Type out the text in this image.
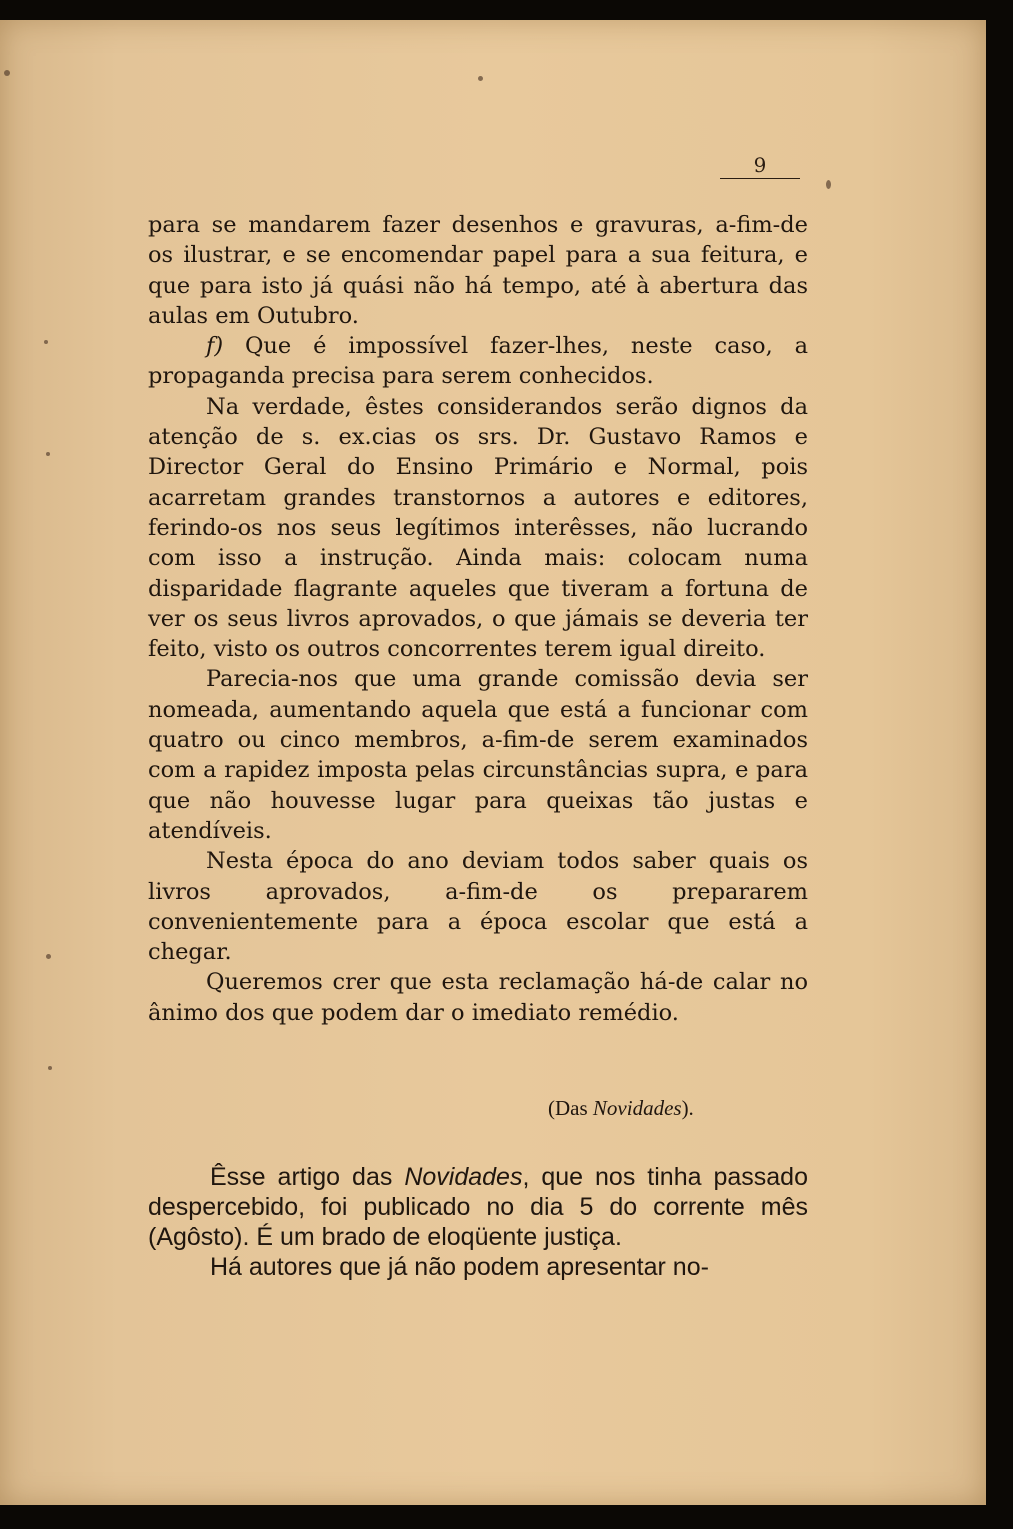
9

para se mandarem fazer desenhos e gravuras, a-fim-de os ilustrar, e se encomendar papel para a sua feitura, e que para isto já quási não há tempo, até à abertura das aulas em Outubro.

f) Que é impossível fazer-lhes, neste caso, a propaganda precisa para serem conhecidos.

Na verdade, êstes considerandos serão dignos da atenção de s. ex.cias os srs. Dr. Gustavo Ramos e Director Geral do Ensino Primário e Normal, pois acarretam grandes transtornos a autores e editores, ferindo-os nos seus legítimos interêsses, não lucrando com isso a instrução. Ainda mais: colocam numa disparidade flagrante aqueles que tiveram a fortuna de ver os seus livros aprovados, o que jámais se deveria ter feito, visto os outros concorrentes terem igual direito.

Parecia-nos que uma grande comissão devia ser nomeada, aumentando aquela que está a funcionar com quatro ou cinco membros, a-fim-de serem examinados com a rapidez imposta pelas circunstâncias supra, e para que não houvesse lugar para queixas tão justas e atendíveis.

Nesta época do ano deviam todos saber quais os livros aprovados, a-fim-de os prepararem convenientemente para a época escolar que está a chegar.

Queremos crer que esta reclamação há-de calar no ânimo dos que podem dar o imediato remédio.

(Das Novidades).

Êsse artigo das Novidades, que nos tinha passado despercebido, foi publicado no dia 5 do corrente mês (Agôsto). É um brado de eloqüente justiça.

Há autores que já não podem apresentar no-
